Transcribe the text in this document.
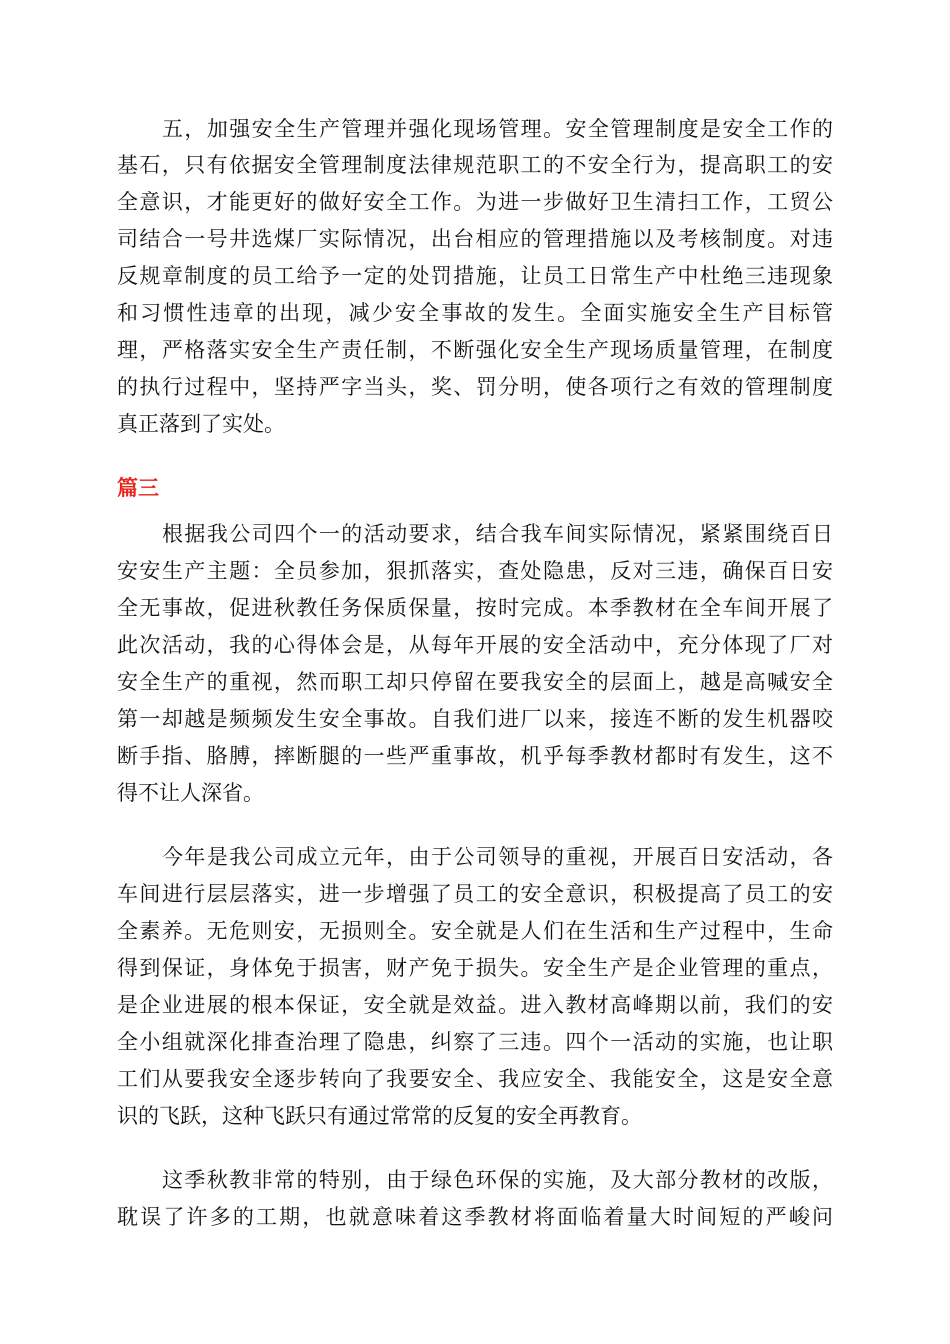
五，加强安全生产管理并强化现场管理。安全管理制度是安全工作的
基石，只有依据安全管理制度法律规范职工的不安全行为，提高职工的安
全意识，才能更好的做好安全工作。为进一步做好卫生清扫工作，工贸公
司结合一号井选煤厂实际情况，出台相应的管理措施以及考核制度。对违
反规章制度的员工给予一定的处罚措施，让员工日常生产中杜绝三违现象
和习惯性违章的出现，减少安全事故的发生。全面实施安全生产目标管
理，严格落实安全生产责任制，不断强化安全生产现场质量管理，在制度
的执行过程中，坚持严字当头，奖、罚分明，使各项行之有效的管理制度
真正落到了实处。
篇三
根据我公司四个一的活动要求，结合我车间实际情况，紧紧围绕百日
安安生产主题：全员参加，狠抓落实，查处隐患，反对三违，确保百日安
全无事故，促进秋教任务保质保量，按时完成。本季教材在全车间开展了
此次活动，我的心得体会是，从每年开展的安全活动中，充分体现了厂对
安全生产的重视，然而职工却只停留在要我安全的层面上，越是高喊安全
第一却越是频频发生安全事故。自我们进厂以来，接连不断的发生机器咬
断手指、胳膊，摔断腿的一些严重事故，机乎每季教材都时有发生，这不
得不让人深省。
今年是我公司成立元年，由于公司领导的重视，开展百日安活动，各
车间进行层层落实，进一步增强了员工的安全意识，积极提高了员工的安
全素养。无危则安，无损则全。安全就是人们在生活和生产过程中，生命
得到保证，身体免于损害，财产免于损失。安全生产是企业管理的重点，
是企业进展的根本保证，安全就是效益。进入教材高峰期以前，我们的安
全小组就深化排查治理了隐患，纠察了三违。四个一活动的实施，也让职
工们从要我安全逐步转向了我要安全、我应安全、我能安全，这是安全意
识的飞跃，这种飞跃只有通过常常的反复的安全再教育。
这季秋教非常的特别，由于绿色环保的实施，及大部分教材的改版，
耽误了许多的工期，也就意味着这季教材将面临着量大时间短的严峻问
